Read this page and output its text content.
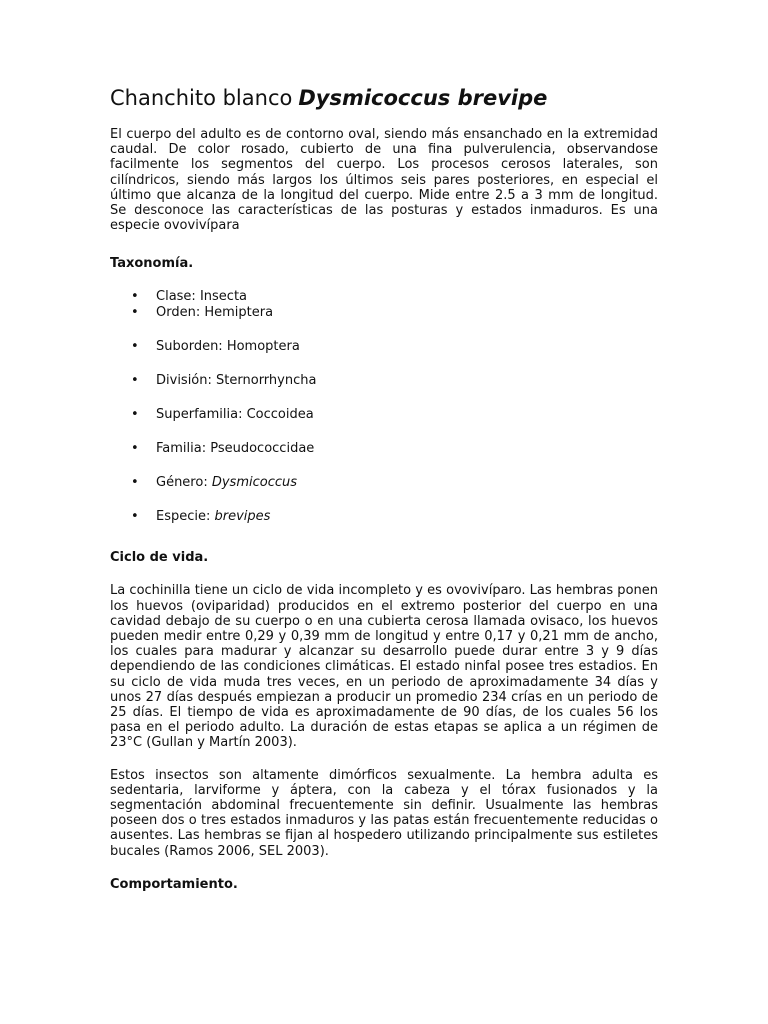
Chanchito blanco Dysmicoccus brevipe

El cuerpo del adulto es de contorno oval, siendo más ensanchado en la extremidad caudal. De color rosado, cubierto de una fina pulverulencia, observandose facilmente los segmentos del cuerpo. Los procesos cerosos laterales, son cilíndricos, siendo más largos los últimos seis pares posteriores, en especial el último que alcanza de la longitud del cuerpo. Mide entre 2.5 a 3 mm de longitud. Se desconoce las características de las posturas y estados inmaduros. Es una especie ovovivípara

Taxonomía.
• Clase: Insecta
• Orden: Hemiptera
• Suborden: Homoptera
• División: Sternorrhyncha
• Superfamilia: Coccoidea
• Familia: Pseudococcidae
• Género: Dysmicoccus
• Especie: brevipes
Ciclo de vida.

La cochinilla tiene un ciclo de vida incompleto y es ovovivíparo. Las hembras ponen los huevos (oviparidad) producidos en el extremo posterior del cuerpo en una cavidad debajo de su cuerpo o en una cubierta cerosa llamada ovisaco, los huevos pueden medir entre 0,29 y 0,39 mm de longitud y entre 0,17 y 0,21 mm de ancho, los cuales para madurar y alcanzar su desarrollo puede durar entre 3 y 9 días dependiendo de las condiciones climáticas. El estado ninfal posee tres estadios. En su ciclo de vida muda tres veces, en un periodo de aproximadamente 34 días y unos 27 días después empiezan a producir un promedio 234 crías en un periodo de 25 días. El tiempo de vida es aproximadamente de 90 días, de los cuales 56 los pasa en el periodo adulto. La duración de estas etapas se aplica a un régimen de 23°C (Gullan y Martín 2003).

Estos insectos son altamente dimórficos sexualmente. La hembra adulta es sedentaria, larviforme y áptera, con la cabeza y el tórax fusionados y la segmentación abdominal frecuentemente sin definir. Usualmente las hembras poseen dos o tres estados inmaduros y las patas están frecuentemente reducidas o ausentes. Las hembras se fijan al hospedero utilizando principalmente sus estiletes bucales (Ramos 2006, SEL 2003).

Comportamiento.
